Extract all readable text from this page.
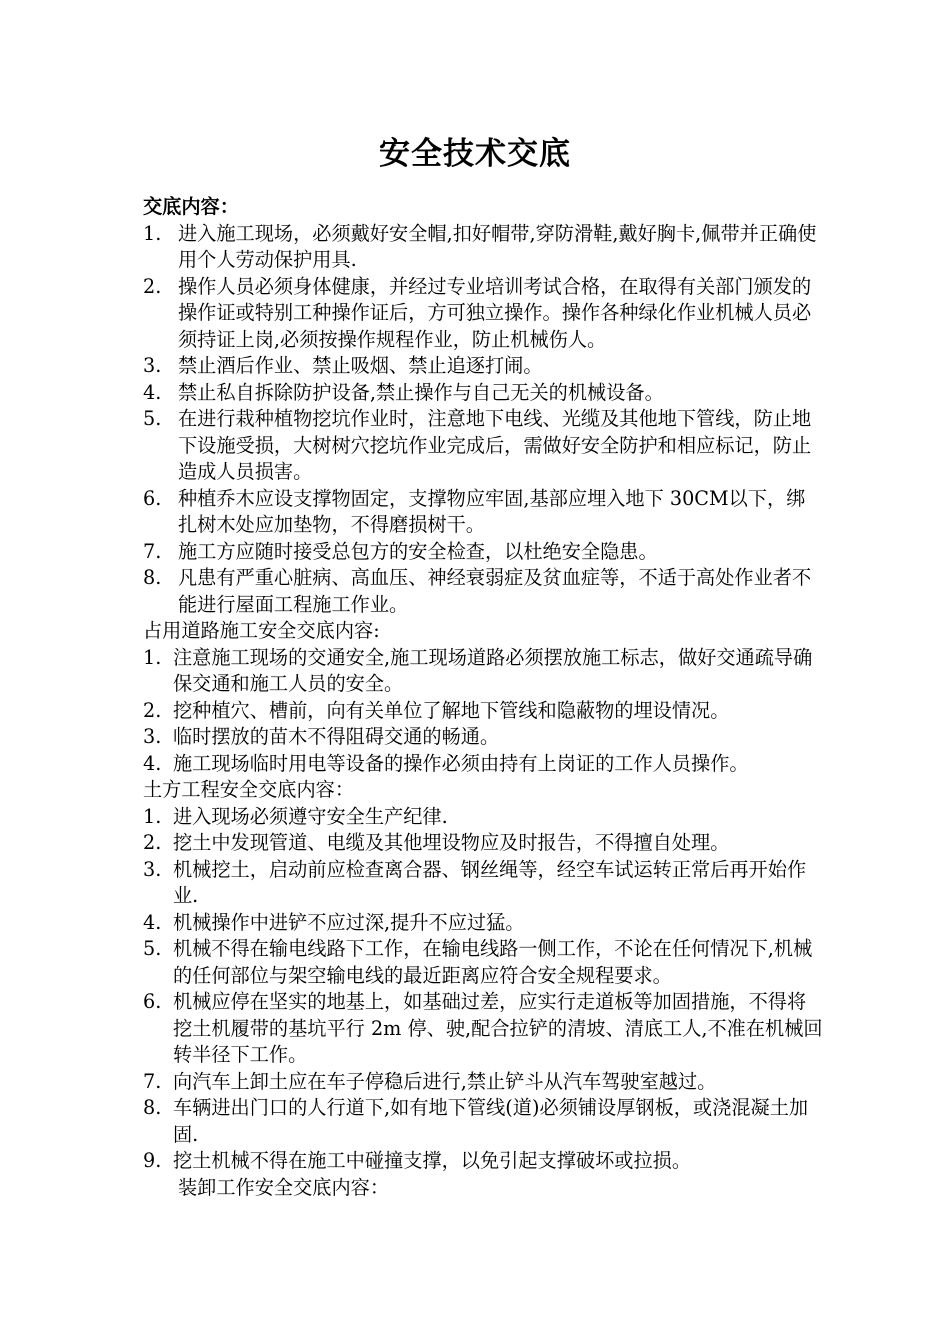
安全技术交底
交底内容：
1. 进入施工现场，必须戴好安全帽,扣好帽带,穿防滑鞋,戴好胸卡,佩带并正确使用个人劳动保护用具.
2. 操作人员必须身体健康，并经过专业培训考试合格，在取得有关部门颁发的操作证或特别工种操作证后，方可独立操作。操作各种绿化作业机械人员必须持证上岗,必须按操作规程作业，防止机械伤人。
3. 禁止酒后作业、禁止吸烟、禁止追逐打闹。
4. 禁止私自拆除防护设备,禁止操作与自己无关的机械设备。
5. 在进行栽种植物挖坑作业时，注意地下电线、光缆及其他地下管线，防止地下设施受损，大树树穴挖坑作业完成后，需做好安全防护和相应标记，防止造成人员损害。
6. 种植乔木应设支撑物固定，支撑物应牢固,基部应埋入地下 30CM以下，绑扎树木处应加垫物，不得磨损树干。
7. 施工方应随时接受总包方的安全检查，以杜绝安全隐患。
8. 凡患有严重心脏病、高血压、神经衰弱症及贫血症等，不适于高处作业者不能进行屋面工程施工作业。
占用道路施工安全交底内容:
1. 注意施工现场的交通安全,施工现场道路必须摆放施工标志，做好交通疏导确保交通和施工人员的安全。
2. 挖种植穴、槽前，向有关单位了解地下管线和隐蔽物的埋设情况。
3. 临时摆放的苗木不得阻碍交通的畅通。
4. 施工现场临时用电等设备的操作必须由持有上岗证的工作人员操作。
土方工程安全交底内容：
1. 进入现场必须遵守安全生产纪律.
2. 挖土中发现管道、电缆及其他埋设物应及时报告，不得擅自处理。
3. 机械挖土，启动前应检查离合器、钢丝绳等，经空车试运转正常后再开始作业.
4. 机械操作中进铲不应过深,提升不应过猛。
5. 机械不得在输电线路下工作，在输电线路一侧工作，不论在任何情况下,机械的任何部位与架空输电线的最近距离应符合安全规程要求。
6. 机械应停在坚实的地基上，如基础过差，应实行走道板等加固措施，不得将挖土机履带的基坑平行 2m 停、驶,配合拉铲的清坡、清底工人,不准在机械回转半径下工作。
7. 向汽车上卸土应在车子停稳后进行,禁止铲斗从汽车驾驶室越过。
8. 车辆进出门口的人行道下,如有地下管线(道)必须铺设厚钢板，或浇混凝土加固.
9. 挖土机械不得在施工中碰撞支撑，以免引起支撑破坏或拉损。
装卸工作安全交底内容：
